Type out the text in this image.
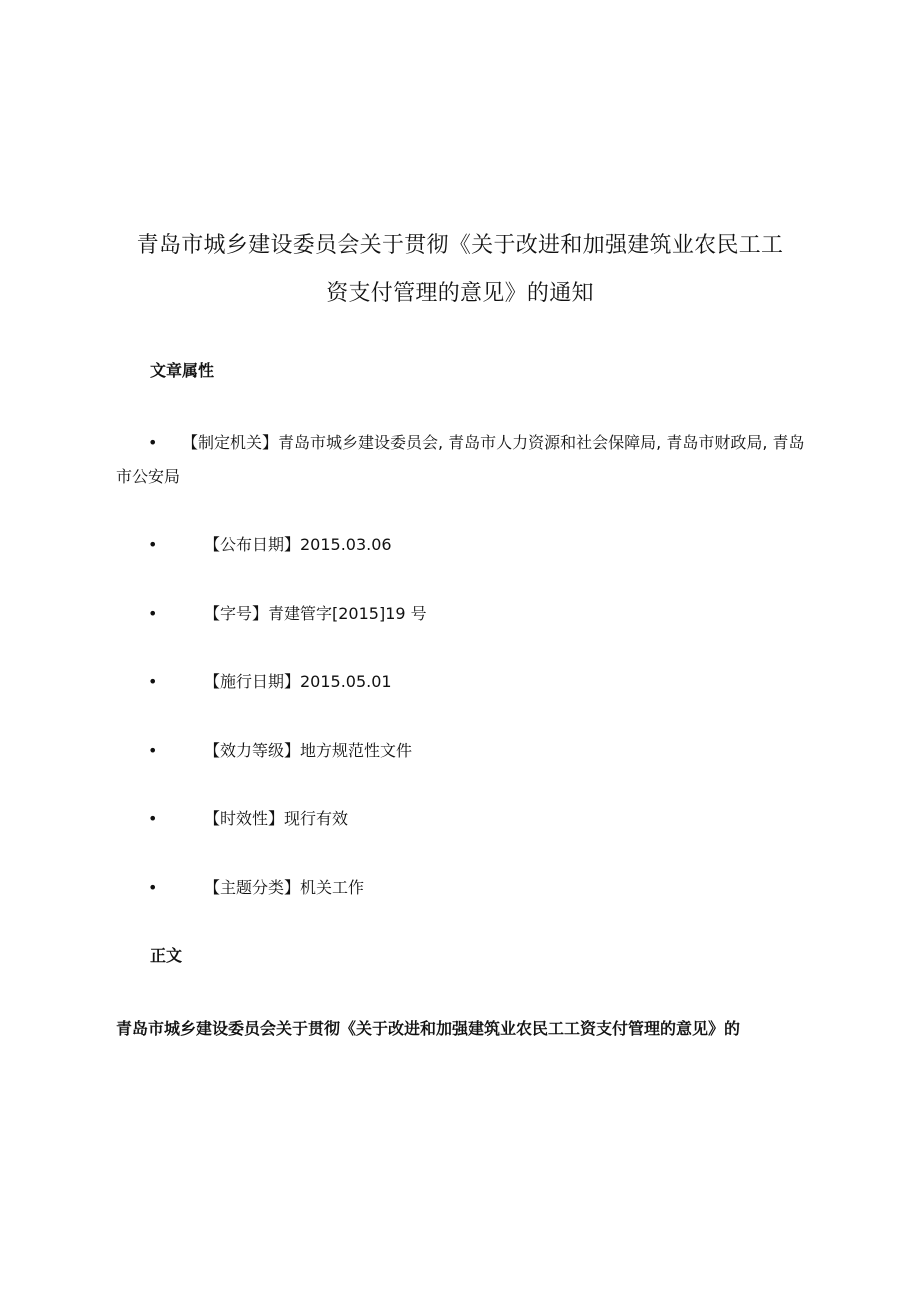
青岛市城乡建设委员会关于贯彻《关于改进和加强建筑业农民工工
资支付管理的意见》的通知
文章属性
• 【制定机关】青岛市城乡建设委员会, 青岛市人力资源和社会保障局, 青岛市财政局, 青岛市公安局
•	【公布日期】2015.03.06
•	【字号】青建管字[2015]19 号
•	【施行日期】2015.05.01
•	【效力等级】地方规范性文件
•	【时效性】现行有效
•	【主题分类】机关工作
正文
青岛市城乡建设委员会关于贯彻《关于改进和加强建筑业农民工工资支付管理的意见》的
